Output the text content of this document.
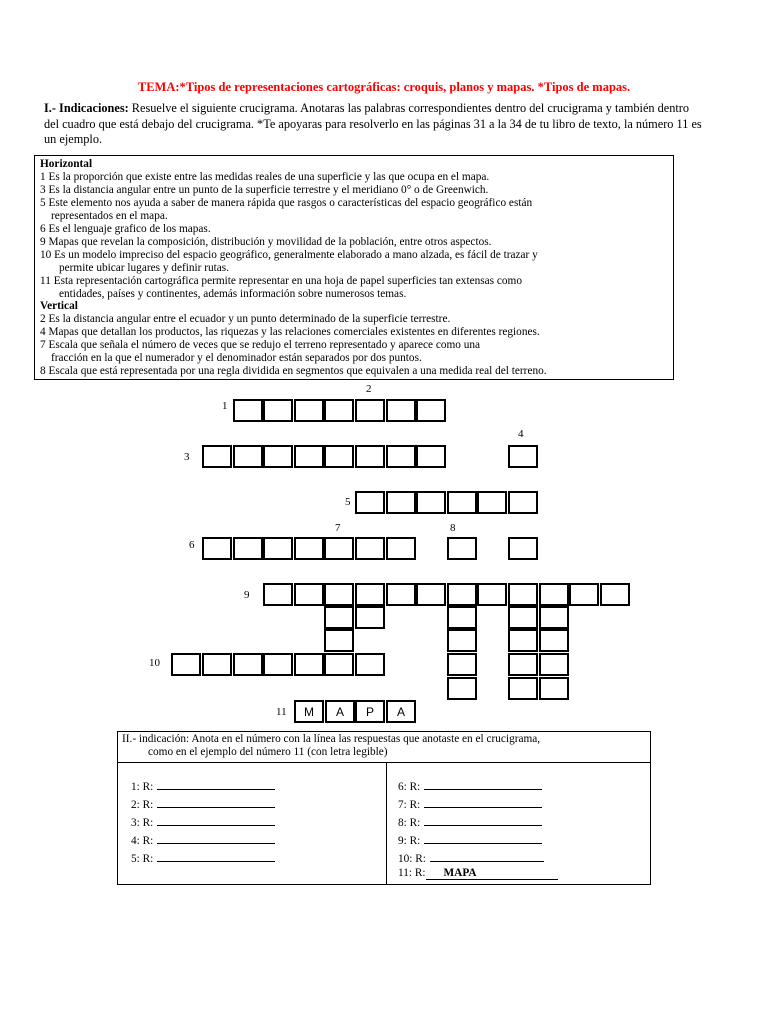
TEMA:*Tipos de representaciones cartográficas: croquis, planos y mapas. *Tipos de mapas.
I.- Indicaciones: Resuelve el siguiente crucigrama. Anotaras las palabras correspondientes dentro del crucigrama y también dentro del cuadro que está debajo del crucigrama. *Te apoyaras para resolverlo en las páginas 31 a la 34 de tu libro de texto, la número 11 es un ejemplo.
Horizontal
1 Es la proporción que existe entre las medidas reales de una superficie y las que ocupa en el mapa.
3 Es la distancia angular entre un punto de la superficie terrestre y el meridiano 0° o de Greenwich.
5 Este elemento nos ayuda a saber de manera rápida que rasgos o características del espacio geográfico están
representados en el mapa.
6 Es el lenguaje grafico de los mapas.
9 Mapas que revelan la composición, distribución y movilidad de la población, entre otros aspectos.
10 Es un modelo impreciso del espacio geográfico, generalmente elaborado a mano alzada, es fácil de trazar y
permite ubicar lugares y definir rutas.
11 Esta representación cartográfica permite representar en una hoja de papel superficies tan extensas como
entidades, países y continentes, además información sobre numerosos temas.
Vertical
2 Es la distancia angular entre el ecuador y un punto determinado de la superficie terrestre.
4 Mapas que detallan los productos, las riquezas y las relaciones comerciales existentes en diferentes regiones.
7 Escala que señala el número de veces que se redujo el terreno representado y aparece como una
fracción en la que el numerador y el denominador están separados por dos puntos.
8 Escala que está representada por una regla dividida en segmentos que equivalen a una medida real del terreno.
1
2
3
4
5
6
7	8
9
10
11	M	A	P	A
II.- indicación: Anota en el número con la línea las respuestas que anotaste en el crucigrama,
como en el ejemplo del número 11 (con letra legible)
1: R:
2: R:
3: R:
4: R:
5: R:
6: R:
7: R:
8: R:
9: R:
10: R:
11: R: MAPA
